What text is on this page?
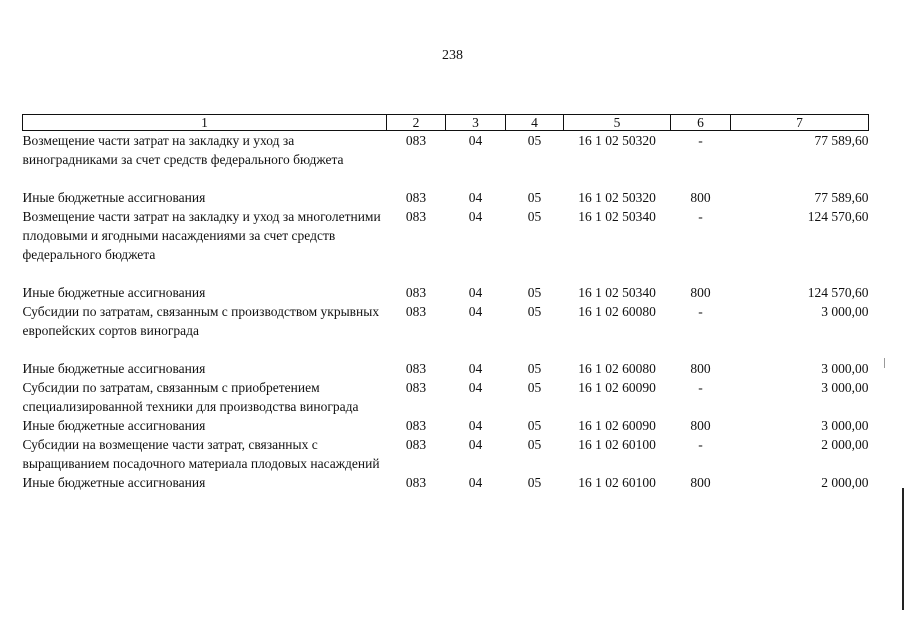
238
1	2	3	4	5	6	7
Возмещение части затрат на закладку и уход за виноградниками за счет средств федерального бюджета	083	04	05	16 1 02 50320	-	77 589,60

Иные бюджетные ассигнования	083	04	05	16 1 02 50320	800	77 589,60
Возмещение части затрат на закладку и уход за многолетними плодовыми и ягодными насаждениями за счет средств федерального бюджета	083	04	05	16 1 02 50340	-	124 570,60

Иные бюджетные ассигнования	083	04	05	16 1 02 50340	800	124 570,60
Субсидии по затратам, связанным с производством укрывных европейских сортов винограда	083	04	05	16 1 02 60080	-	3 000,00

Иные бюджетные ассигнования	083	04	05	16 1 02 60080	800	3 000,00
Субсидии по затратам, связанным с приобретением специализированной техники для производства винограда	083	04	05	16 1 02 60090	-	3 000,00
Иные бюджетные ассигнования	083	04	05	16 1 02 60090	800	3 000,00
Субсидии на возмещение части затрат, связанных с выращиванием посадочного материала плодовых насаждений	083	04	05	16 1 02 60100	-	2 000,00
Иные бюджетные ассигнования	083	04	05	16 1 02 60100	800	2 000,00
